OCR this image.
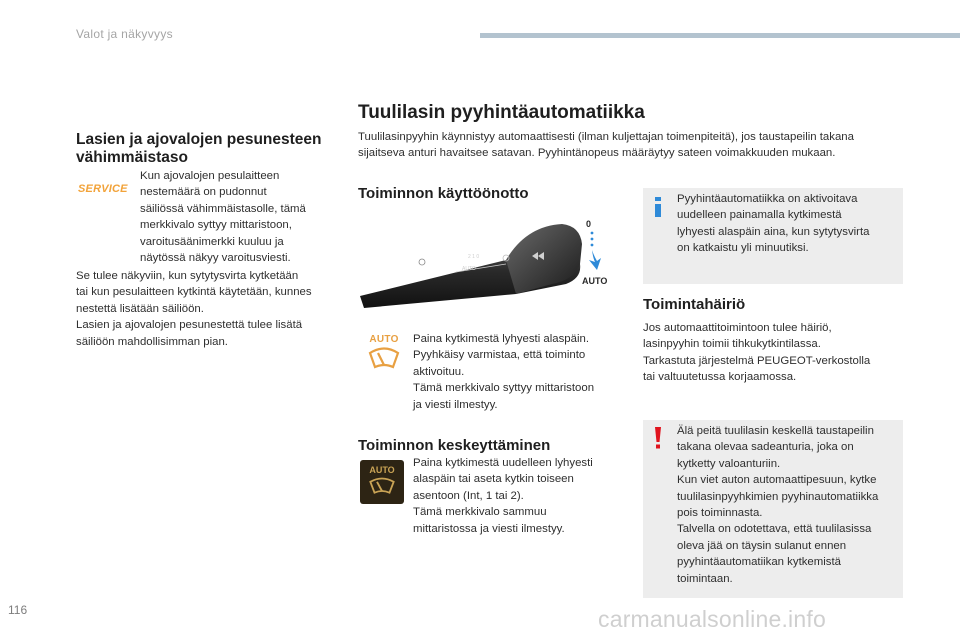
Valot ja näkyvyys
Lasien ja ajovalojen pesunesteen
vähimmäistaso
SERVICE
Kun ajovalojen pesulaitteen
nestemäärä on pudonnut
säiliössä vähimmäistasolle, tämä
merkkivalo syttyy mittaristoon,
varoitusäänimerkki kuuluu ja
näytössä näkyy varoitusviesti.
Se tulee näkyviin, kun sytytysvirta kytketään
tai kun pesulaitteen kytkintä käytetään, kunnes
nestettä lisätään säiliöön.
Lasien ja ajovalojen pesunestettä tulee lisätä
säiliöön mahdollisimman pian.
Tuulilasin pyyhintäautomatiikka
Tuulilasinpyyhin käynnistyy automaattisesti (ilman kuljettajan toimenpiteitä), jos taustapeilin takana
sijaitseva anturi havaitsee satavan. Pyyhintänopeus määräytyy sateen voimakkuuden mukaan.
Toiminnon käyttöönotto
AUTO
2 1 0
0
AUTO
Pyyhintäautomatiikka on aktivoitava
uudelleen painamalla kytkimestä
lyhyesti alaspäin aina, kun sytytysvirta
on katkaistu yli minuutiksi.
Toimintahäiriö
Jos automaattitoimintoon tulee häiriö,
lasinpyyhin toimii tihkukytkintilassa.
Tarkastuta järjestelmä PEUGEOT-verkostolla
tai valtuutetussa korjaamossa.
AUTO Paina kytkimestä lyhyesti alaspäin.
Pyyhkäisy varmistaa, että toiminto
aktivoituu.
Tämä merkkivalo syttyy mittaristoon
ja viesti ilmestyy.
Toiminnon keskeyttäminen
AUTO
Paina kytkimestä uudelleen lyhyesti
alaspäin tai aseta kytkin toiseen
asentoon (Int, 1 tai 2).
Tämä merkkivalo sammuu
mittaristossa ja viesti ilmestyy.
Älä peitä tuulilasin keskellä taustapeilin
takana olevaa sadeanturia, joka on
kytketty valoanturiin.
Kun viet auton automaattipesuun, kytke
tuulilasinpyyhkimien pyyhinautomatiikka
pois toiminnasta.
Talvella on odotettava, että tuulilasissa
oleva jää on täysin sulanut ennen
pyyhintäautomatiikan kytkemistä
toimintaan.
116	carmanualsonline.info
